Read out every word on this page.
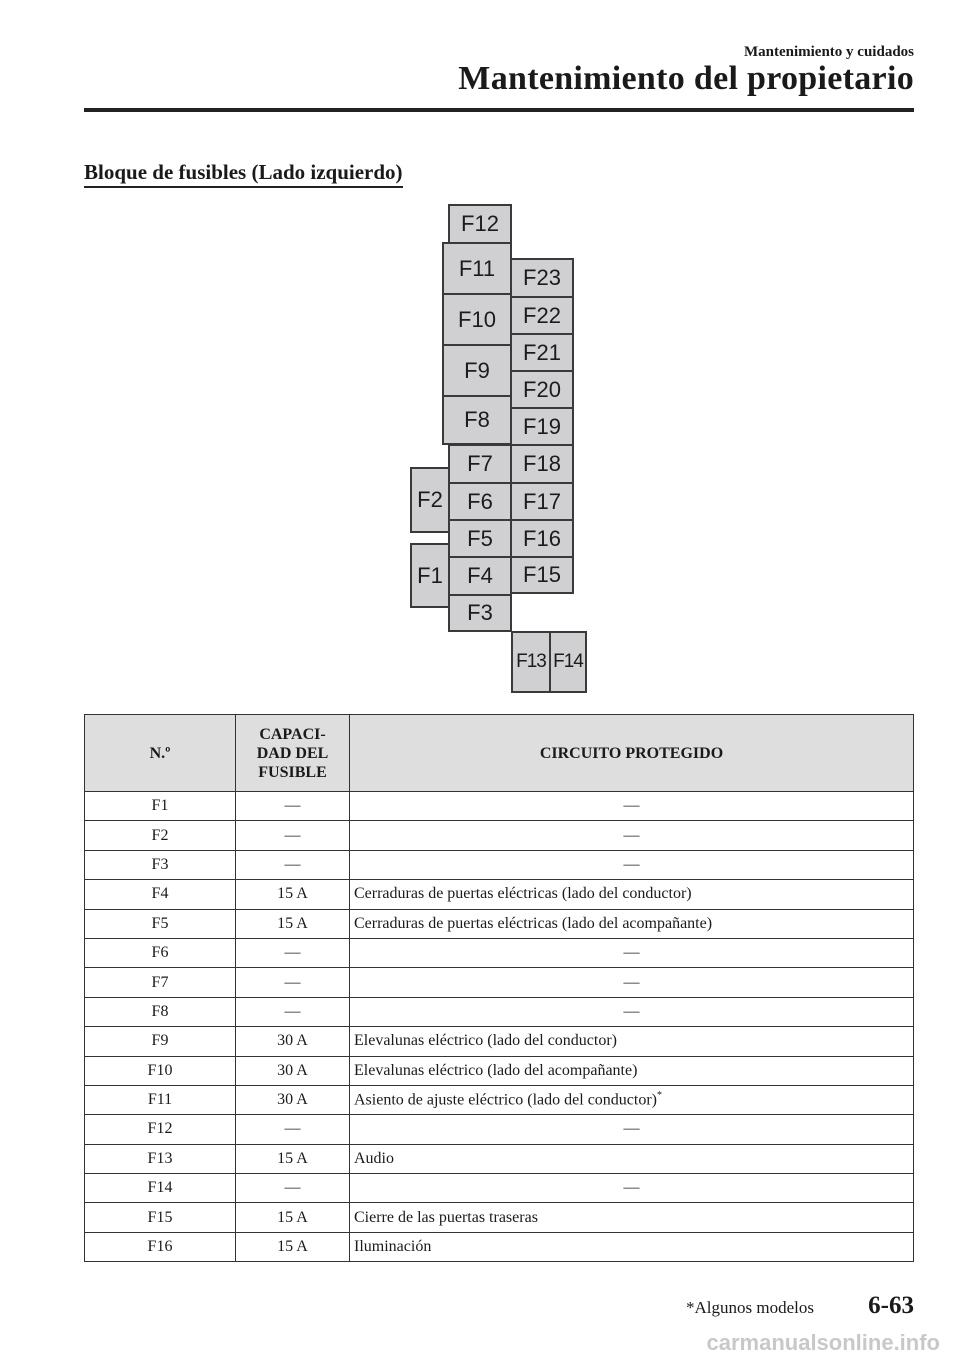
Mantenimiento y cuidados
Mantenimiento del propietario
Bloque de fusibles (Lado izquierdo)
F12
F11
F10
F9
F8
F23
F22
F21
F20
F19
F7
F6
F5
F4
F3
F18
F17
F16
F15
F2
F1
F13 F14
N.º	CAPACI-
DAD DEL
FUSIBLE	CIRCUITO PROTEGIDO
F1	—	—
F2	—	—
F3	—	—
F4	15 A	Cerraduras de puertas eléctricas (lado del conductor)
F5	15 A	Cerraduras de puertas eléctricas (lado del acompañante)
F6	—	—
F7	—	—
F8	—	—
F9	30 A	Elevalunas eléctrico (lado del conductor)
F10	30 A	Elevalunas eléctrico (lado del acompañante)
F11	30 A	Asiento de ajuste eléctrico (lado del conductor)*
F12	—	—
F13	15 A	Audio
F14	—	—
F15	15 A	Cierre de las puertas traseras
F16	15 A	Iluminación
*Algunos modelos 6-63
carmanualsonline.info
